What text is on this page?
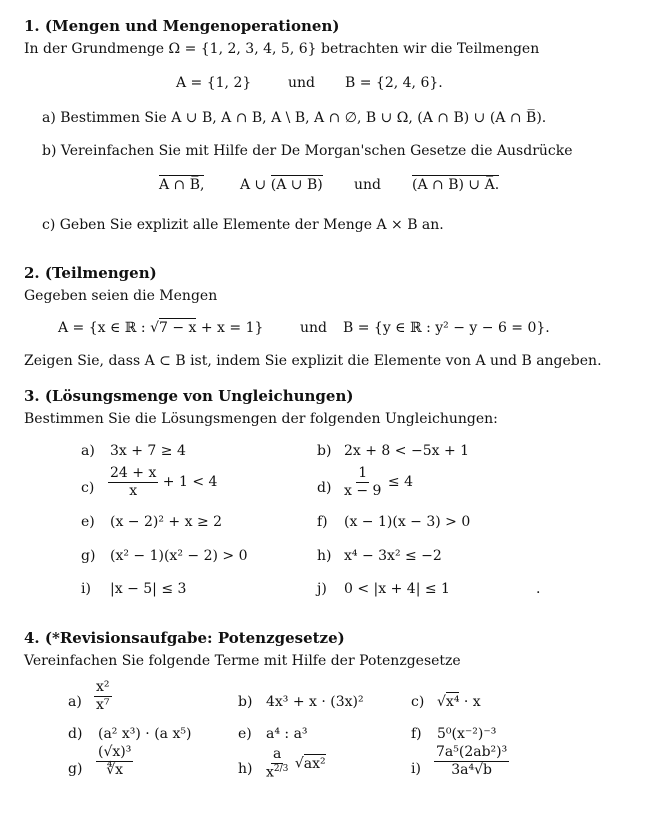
1. (Mengen und Mengenoperationen)
In der Grundmenge Ω = {1, 2, 3, 4, 5, 6} betrachten wir die Teilmengen
A = {1, 2}	und B = {2, 4, 6}.
a) Bestimmen Sie A ∪ B, A ∩ B, A \ B, A ∩ ∅, B ∪ Ω, (A ∩ B) ∪ (A ∩ B̅).
b) Vereinfachen Sie mit Hilfe der De Morgan'schen Gesetze die Ausdrücke
A ∩ B̅,	A ∪ (A ∪ B) und (A ∩ B) ∪ A̅.
c) Geben Sie explizit alle Elemente der Menge A × B an.
2. (Teilmengen)
Gegeben seien die Mengen
A = {x ∈ ℝ : √7 − x + x = 1}	und B = {y ∈ ℝ : y² − y − 6 = 0}.
Zeigen Sie, dass A ⊂ B ist, indem Sie explizit die Elemente von A und B angeben.
3. (Lösungsmenge von Ungleichungen)
Bestimmen Sie die Lösungsmengen der folgenden Ungleichungen:
a) 3x + 7 ≥ 4	b) 2x + 8 < −5x + 1
$c) \frac{24 + x}{x} + 1 < 4$	$d) \frac{1}{x - 9} \le 4$
e) (x − 2)² + x ≥ 2	f) (x − 1)(x − 3) > 0
g) (x² − 1)(x² − 2) > 0	h) x⁴ − 3x² ≤ −2
i) |x − 5| ≤ 3	j) 0 < |x + 4| ≤ 1	.
4. (*Revisionsaufgabe: Potenzgesetze)
Vereinfachen Sie folgende Terme mit Hilfe der Potenzgesetze
$a) \frac{\text{x²}}{\text{x⁷}}$	b) 4x³ + x · (3x)²	c) √x⁴ · x
d) (a² x³) · (a x⁵)	e) a⁴ : a³	f) 5⁰(x⁻²)⁻³
$g) \frac{\text{(√x)³}}{∜x}$	$h) \frac{a}{x^{2/3}} √ax^2$	$i) \frac{\text{7a⁵(2ab²)³}}{\text{3a⁴√b}}$
